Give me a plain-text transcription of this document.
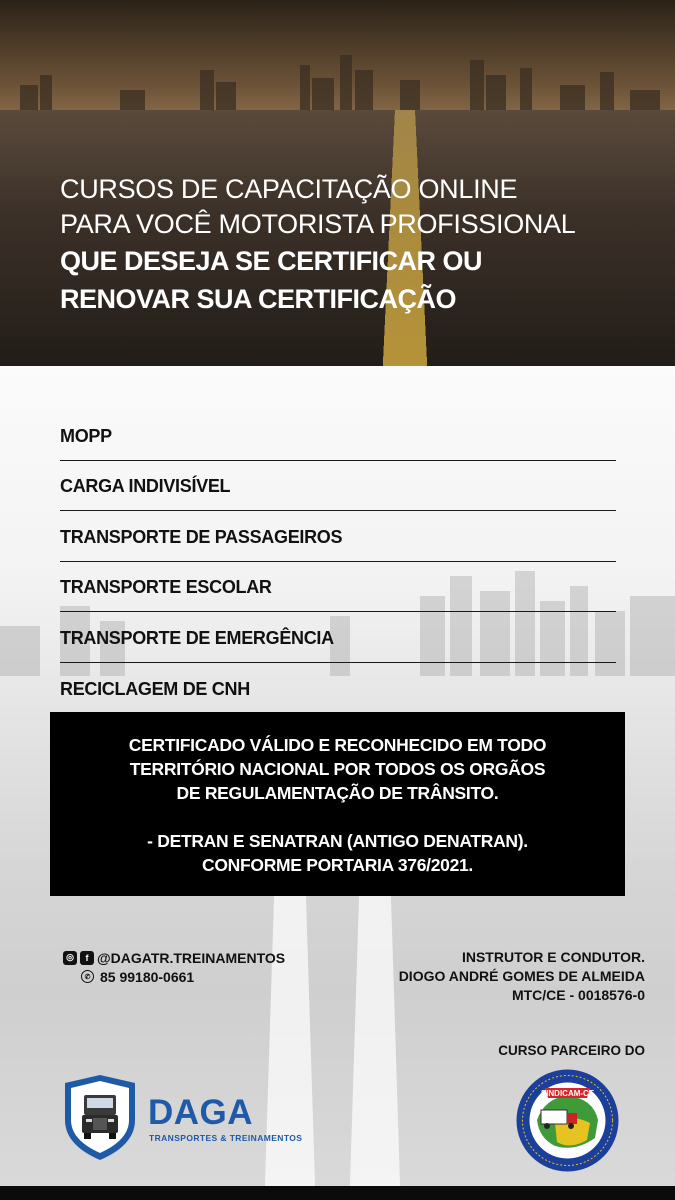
CURSOS DE CAPACITAÇÃO ONLINE
PARA VOCÊ MOTORISTA PROFISSIONAL
QUE DESEJA SE CERTIFICAR OU
RENOVAR SUA CERTIFICAÇÃO
MOPP
CARGA INDIVISÍVEL
TRANSPORTE DE PASSAGEIROS
TRANSPORTE ESCOLAR
TRANSPORTE DE EMERGÊNCIA
RECICLAGEM DE CNH
CERTIFICADO VÁLIDO E RECONHECIDO EM TODO
TERRITÓRIO NACIONAL POR TODOS OS ORGÃOS
DE REGULAMENTAÇÃO DE TRÂNSITO.
- DETRAN E SENATRAN (ANTIGO DENATRAN).
CONFORME PORTARIA 376/2021.
◎	f @DAGATR.TREINAMENTOS
✆ 85 99180-0661
INSTRUTOR E CONDUTOR.
DIOGO ANDRÉ GOMES DE ALMEIDA
MTC/CE - 0018576-0
CURSO PARCEIRO DO
DAGA
TRANSPORTES & TREINAMENTOS
SINDICAM-CE
